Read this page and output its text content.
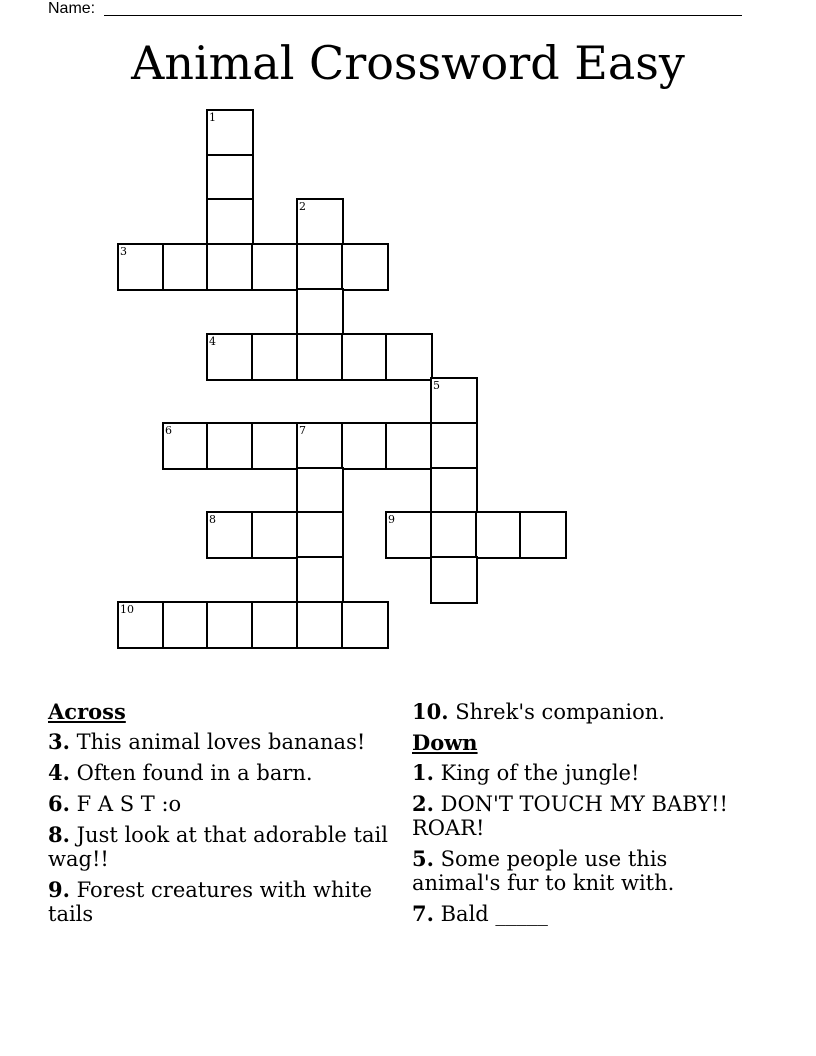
Name:
Animal Crossword Easy
1
2
3
4
5
6	7
8	9
10
Across
3. This animal loves bananas!
4. Often found in a barn.
6. F A S T :o
8. Just look at that adorable tail wag!!
9. Forest creatures with white tails
10. Shrek's companion.
Down
1. King of the jungle!
2. DON'T TOUCH MY BABY!! ROAR!
5. Some people use this animal's fur to knit with.
7. Bald _____
